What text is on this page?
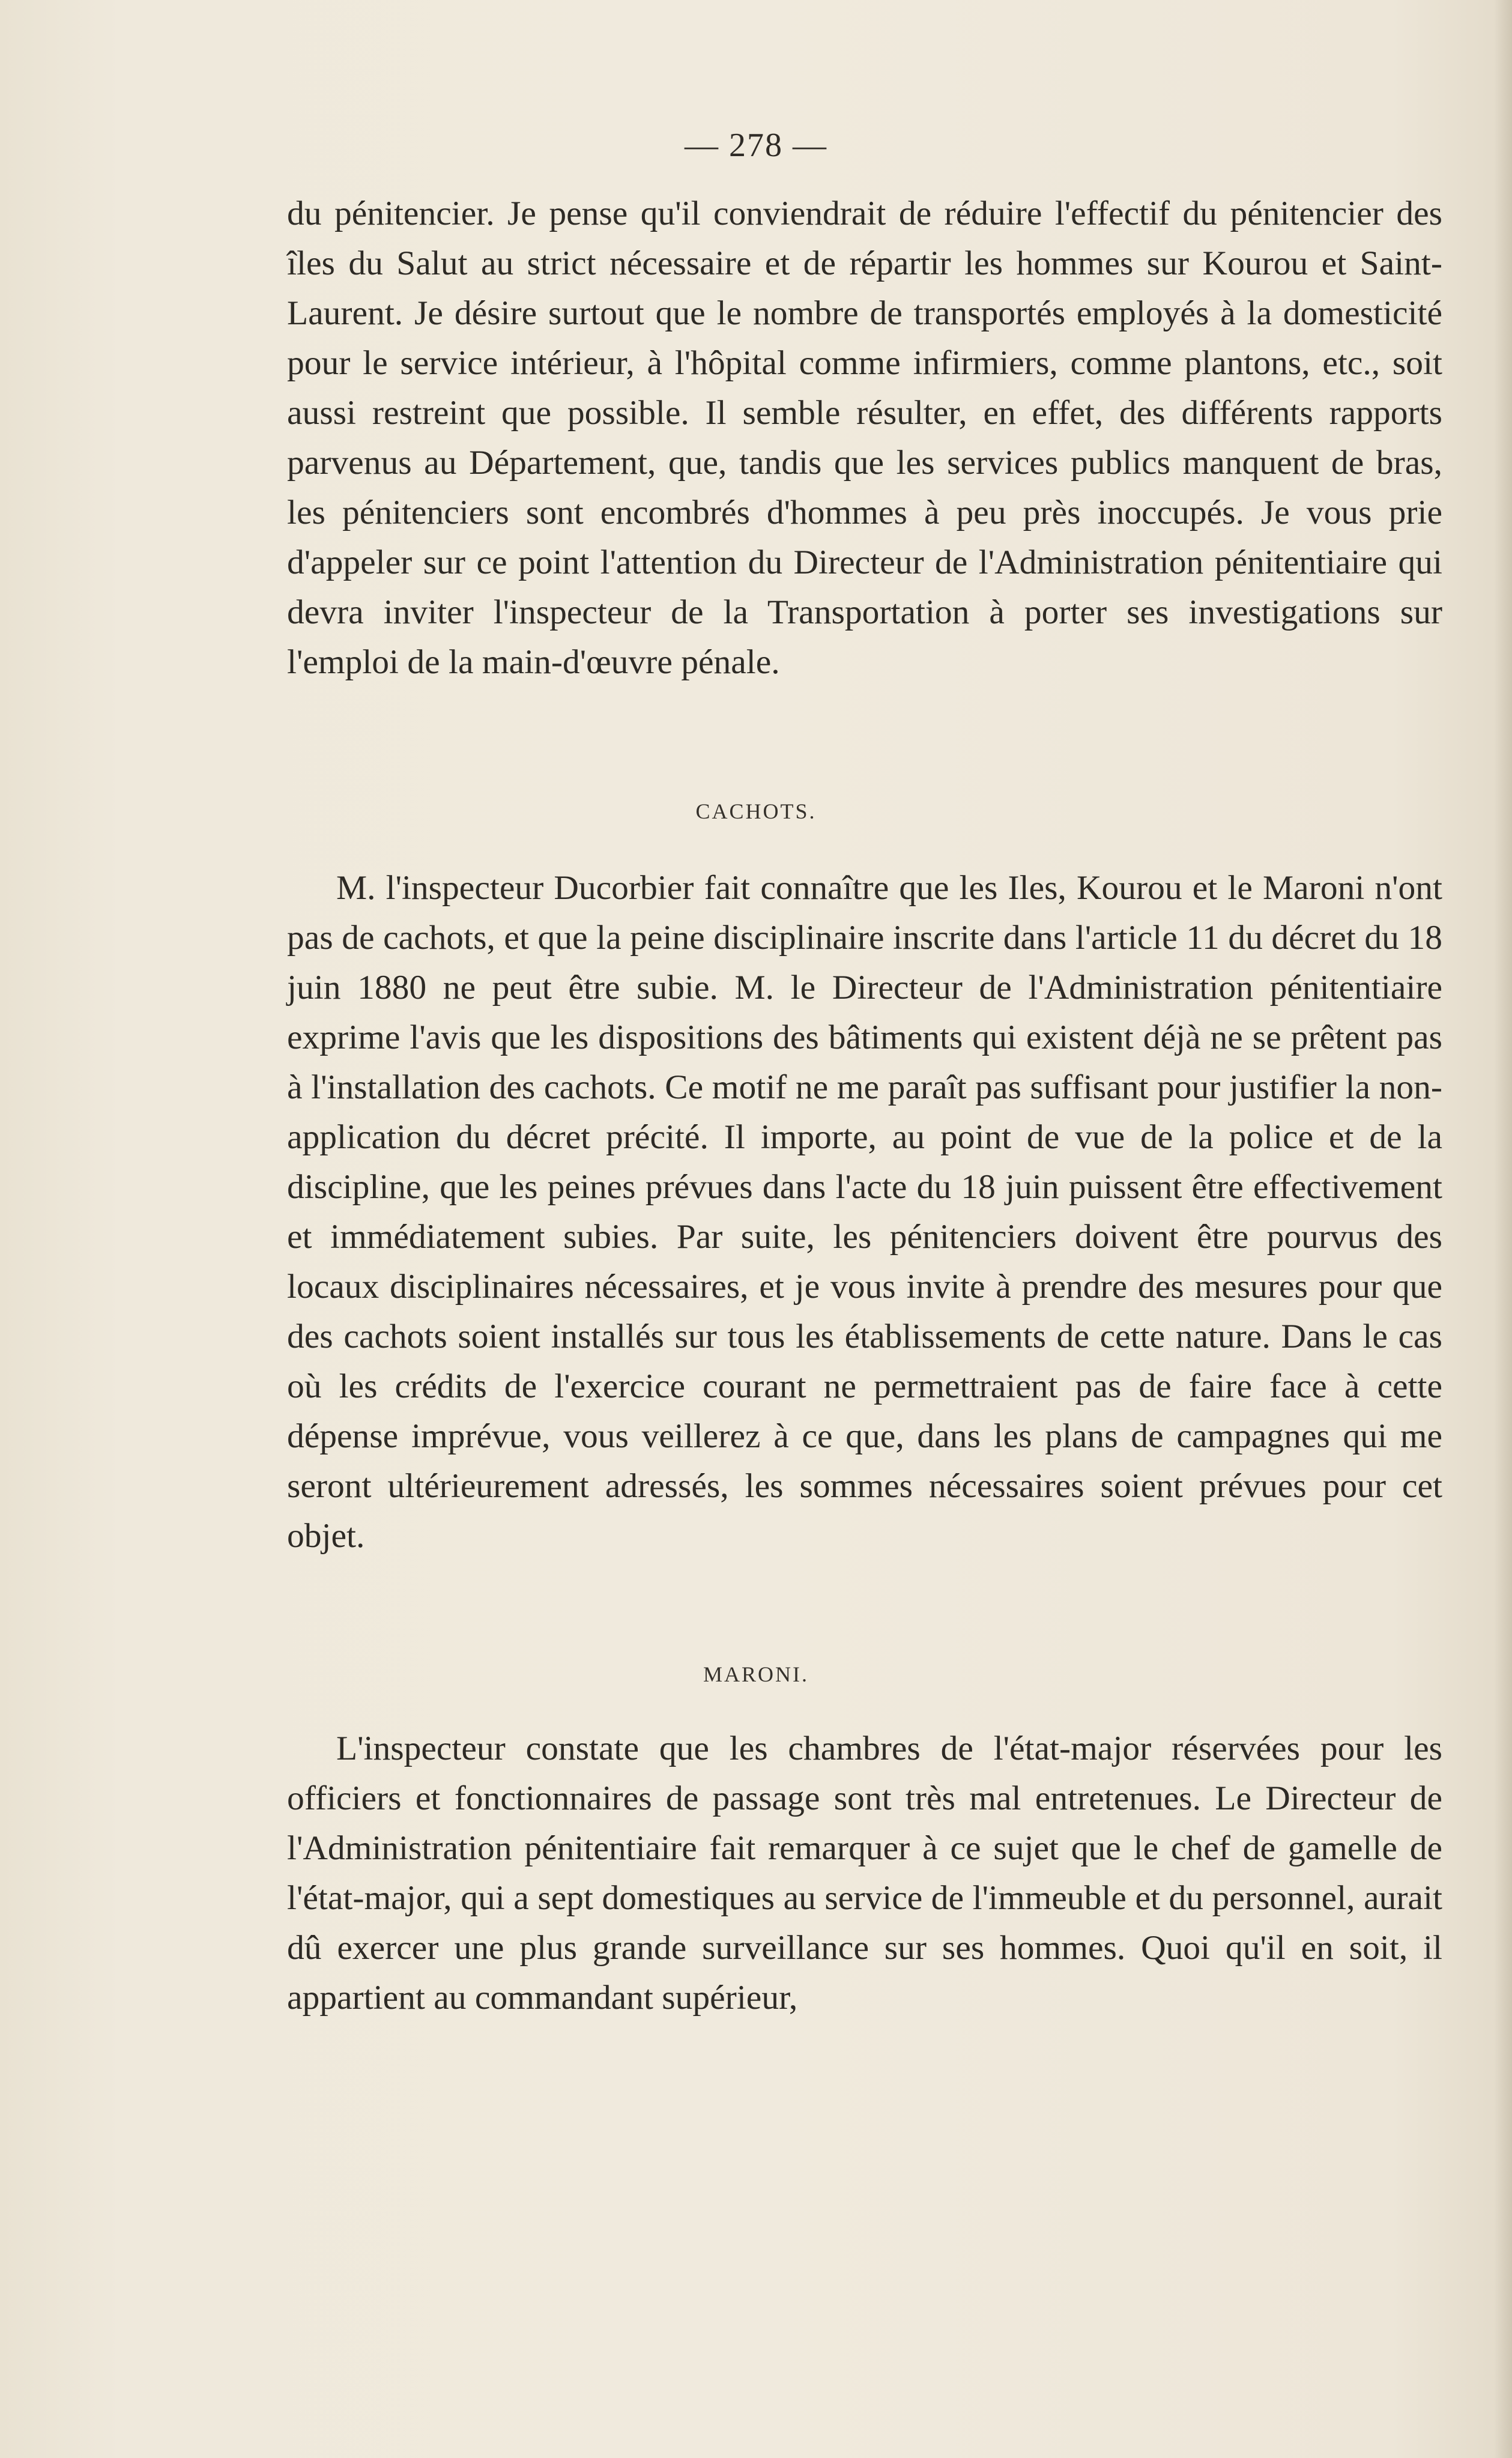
— 278 —

du pénitencier. Je pense qu'il conviendrait de réduire l'effectif du pénitencier des îles du Salut au strict nécessaire et de répartir les hommes sur Kourou et Saint-Laurent. Je désire surtout que le nombre de transportés employés à la domesticité pour le service intérieur, à l'hôpital comme infirmiers, comme plantons, etc., soit aussi restreint que possible. Il semble résulter, en effet, des différents rapports parvenus au Département, que, tandis que les services publics manquent de bras, les pénitenciers sont encombrés d'hommes à peu près inoccupés. Je vous prie d'appeler sur ce point l'attention du Directeur de l'Administration pénitentiaire qui devra inviter l'inspecteur de la Transportation à porter ses investigations sur l'emploi de la main-d'œuvre pénale.

CACHOTS.

M. l'inspecteur Ducorbier fait connaître que les Iles, Kourou et le Maroni n'ont pas de cachots, et que la peine disciplinaire inscrite dans l'article 11 du décret du 18 juin 1880 ne peut être subie. M. le Directeur de l'Administration pénitentiaire exprime l'avis que les dispositions des bâtiments qui existent déjà ne se prêtent pas à l'installation des cachots. Ce motif ne me paraît pas suffisant pour justifier la non-application du décret précité. Il importe, au point de vue de la police et de la discipline, que les peines prévues dans l'acte du 18 juin puissent être effectivement et immédiatement subies. Par suite, les pénitenciers doivent être pourvus des locaux disciplinaires nécessaires, et je vous invite à prendre des mesures pour que des cachots soient installés sur tous les établissements de cette nature. Dans le cas où les crédits de l'exercice courant ne permettraient pas de faire face à cette dépense imprévue, vous veillerez à ce que, dans les plans de campagnes qui me seront ultérieurement adressés, les sommes nécessaires soient prévues pour cet objet.

MARONI.

L'inspecteur constate que les chambres de l'état-major réservées pour les officiers et fonctionnaires de passage sont très mal entretenues. Le Directeur de l'Administration pénitentiaire fait remarquer à ce sujet que le chef de gamelle de l'état-major, qui a sept domestiques au service de l'immeuble et du personnel, aurait dû exercer une plus grande surveillance sur ses hommes. Quoi qu'il en soit, il appartient au commandant supérieur,
